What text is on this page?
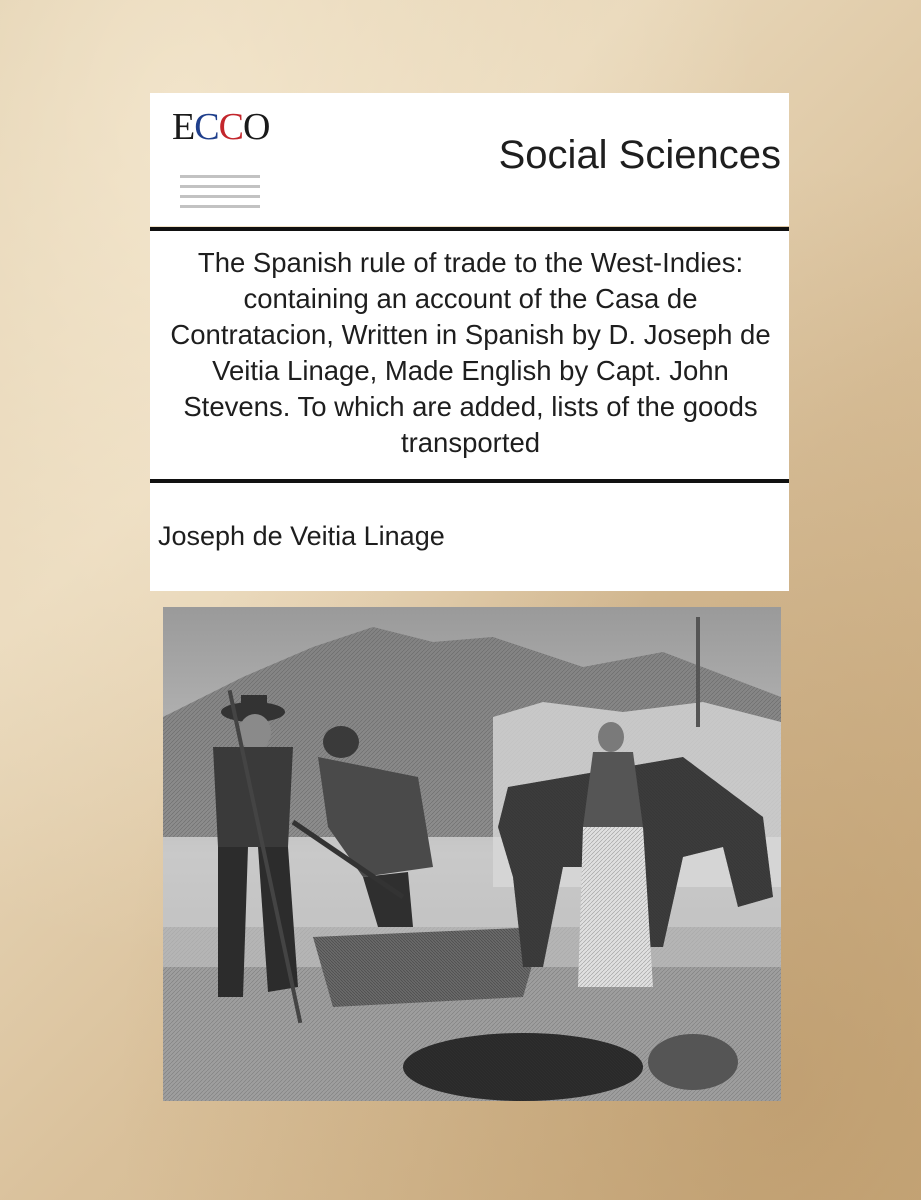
ECCO
Social Sciences
The Spanish rule of trade to the West-Indies: containing an account of the Casa de Contratacion, Written in Spanish by D. Joseph de Veitia Linage, Made English by Capt. John Stevens. To which are added, lists of the goods transported
Joseph de Veitia Linage
